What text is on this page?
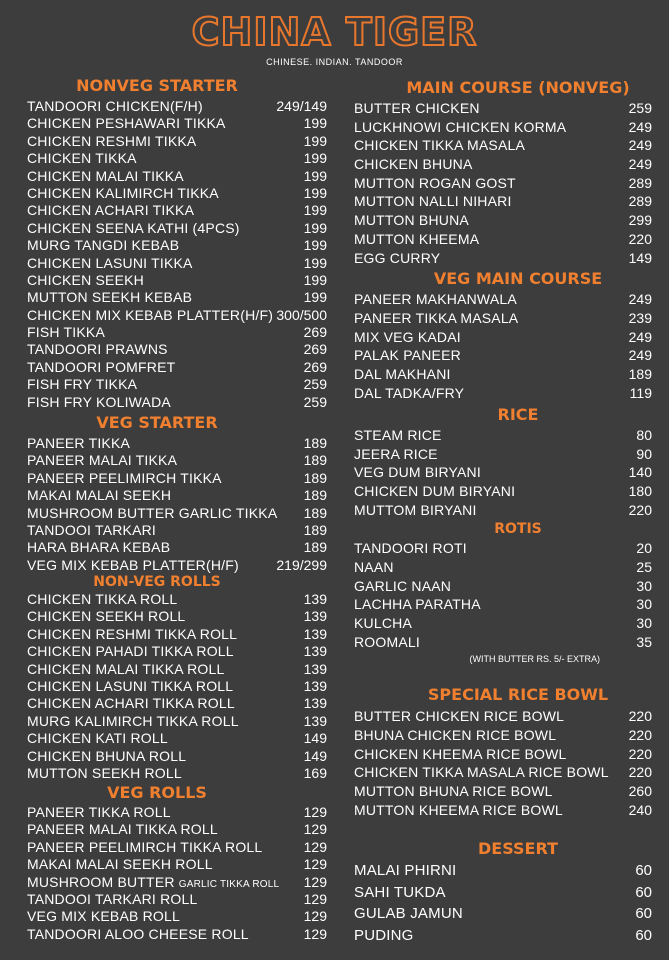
CHINA TIGER
CHINESE. INDIAN. TANDOOR
NONVEG STARTER
TANDOORI CHICKEN(F/H)	249/149
CHICKEN PESHAWARI TIKKA	199
CHICKEN RESHMI TIKKA	199
CHICKEN TIKKA	199
CHICKEN MALAI TIKKA	199
CHICKEN KALIMIRCH TIKKA	199
CHICKEN ACHARI TIKKA	199
CHICKEN SEENA KATHI (4PCS)	199
MURG TANGDI KEBAB	199
CHICKEN LASUNI TIKKA	199
CHICKEN SEEKH	199
MUTTON SEEKH KEBAB	199
CHICKEN MIX KEBAB PLATTER(H/F) 300/500
FISH TIKKA	269
TANDOORI PRAWNS	269
TANDOORI POMFRET	269
FISH FRY TIKKA	259
FISH FRY KOLIWADA	259
VEG STARTER
PANEER TIKKA	189
PANEER MALAI TIKKA	189
PANEER PEELIMIRCH TIKKA	189
MAKAI MALAI SEEKH	189
MUSHROOM BUTTER GARLIC TIKKA 189
TANDOOI TARKARI	189
HARA BHARA KEBAB	189
VEG MIX KEBAB PLATTER(H/F)	219/299
NON-VEG ROLLS
CHICKEN TIKKA ROLL	139
CHICKEN SEEKH ROLL	139
CHICKEN RESHMI TIKKA ROLL	139
CHICKEN PAHADI TIKKA ROLL	139
CHICKEN MALAI TIKKA ROLL	139
CHICKEN LASUNI TIKKA ROLL	139
CHICKEN ACHARI TIKKA ROLL	139
MURG KALIMIRCH TIKKA ROLL	139
CHICKEN KATI ROLL	149
CHICKEN BHUNA ROLL	149
MUTTON SEEKH ROLL	169
VEG ROLLS
PANEER TIKKA ROLL	129
PANEER MALAI TIKKA ROLL	129
PANEER PEELIMIRCH TIKKA ROLL	129
MAKAI MALAI SEEKH ROLL	129
MUSHROOM BUTTER GARLIC TIKKA ROLL 129
TANDOOI TARKARI ROLL	129
VEG MIX KEBAB ROLL	129
TANDOORI ALOO CHEESE ROLL	129
MAIN COURSE (NONVEG)
BUTTER CHICKEN	259
LUCKHNOWI CHICKEN KORMA	249
CHICKEN TIKKA MASALA	249
CHICKEN BHUNA	249
MUTTON ROGAN GOST	289
MUTTON NALLI NIHARI	289
MUTTON BHUNA	299
MUTTON KHEEMA	220
EGG CURRY	149
VEG MAIN COURSE
PANEER MAKHANWALA	249
PANEER TIKKA MASALA	239
MIX VEG KADAI	249
PALAK PANEER	249
DAL MAKHANI	189
DAL TADKA/FRY	119
RICE
STEAM RICE	80
JEERA RICE	90
VEG DUM BIRYANI	140
CHICKEN DUM BIRYANI	180
MUTTOM BIRYANI	220
ROTIS
TANDOORI ROTI	20
NAAN	25
GARLIC NAAN	30
LACHHA PARATHA	30
KULCHA	30
ROOMALI	35
(WITH BUTTER RS. 5/- EXTRA)
SPECIAL RICE BOWL
BUTTER CHICKEN RICE BOWL	220
BHUNA CHICKEN RICE BOWL	220
CHICKEN KHEEMA RICE BOWL	220
CHICKEN TIKKA MASALA RICE BOWL 220
MUTTON BHUNA RICE BOWL	260
MUTTON KHEEMA RICE BOWL	240
DESSERT
MALAI PHIRNI	60
SAHI TUKDA	60
GULAB JAMUN	60
PUDING	60
